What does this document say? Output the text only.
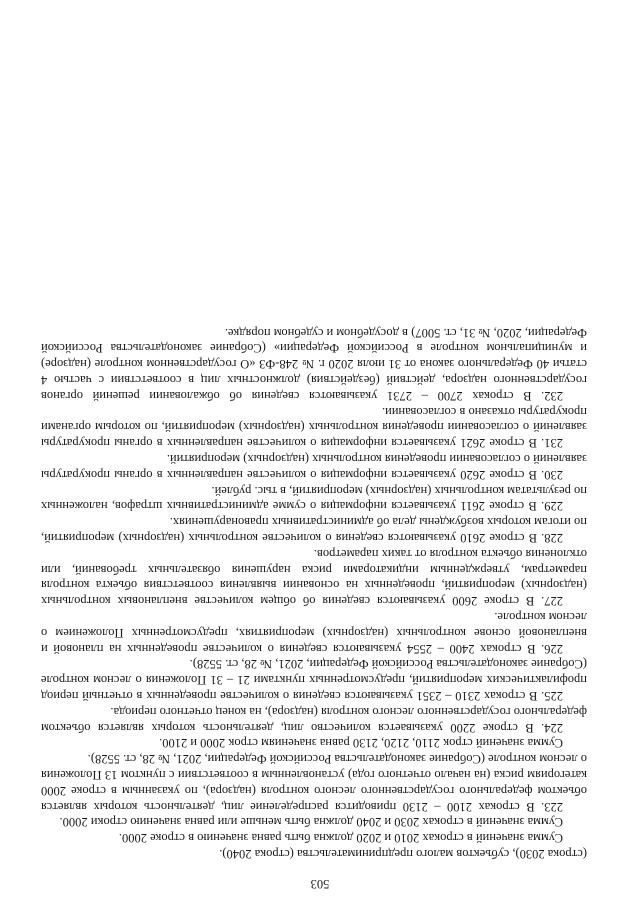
503

(строка 2030), субъектов малого предпринимательства (строка 2040).

Сумма значений в строках 2010 и 2020 должна быть равна значению в строке 2000.

Сумма значений в строках 2030 и 2040 должна быть меньше или равна значению строки 2000.

223. В строках 2100 – 2130 приводится распределение лиц, деятельность которых является объектом федерального государственного лесного контроля (надзора), по указанным в строке 2000 категориям риска (на начало отчетного года) установленным в соответствии с пунктом 13 Положения о лесном контроле (Собрание законодательства Российской Федерации, 2021, № 28, ст. 5528).

Сумма значений строк 2110, 2120, 2130 равна значениям строк 2000 и 2100.

224. В строке 2200 указывается количество лиц, деятельность которых является объектом федерального государственного лесного контроля (надзора), на конец отчетного периода.

225. В строках 2310 – 2351 указываются сведения о количестве проведенных в отчетный период профилактических мероприятий, предусмотренных пунктами 21 – 31 Положения о лесном контроле (Собрание законодательства Российской Федерации, 2021, № 28, ст. 5528).

226. В строках 2400 – 2554 указываются сведения о количестве проведенных на плановой и внеплановой основе контрольных (надзорных) мероприятиях, предусмотренных Положением о лесном контроле.

227. В строке 2600 указываются сведения об общем количестве внеплановых контрольных (надзорных) мероприятий, проведенных на основании выявления соответствия объекта контроля параметрам, утвержденным индикаторами риска нарушения обязательных требований, или отклонения объекта контроля от таких параметров.

228. В строке 2610 указываются сведения о количестве контрольных (надзорных) мероприятий, по итогам которых возбуждены дела об административных правонарушениях.

229. В строке 2611 указывается информация о сумме административных штрафов, наложенных по результатам контрольных (надзорных) мероприятий, в тыс. рублей.

230. В строке 2620 указывается информация о количестве направленных в органы прокуратуры заявлений о согласовании проведения контрольных (надзорных) мероприятий.

231. В строке 2621 указывается информация о количестве направленных в органы прокуратуры заявлений о согласовании проведения контрольных (надзорных) мероприятий, по которым органами прокуратуры отказано в согласовании.

232. В строках 2700 – 2731 указываются сведения об обжаловании решений органов государственного надзора, действий (бездействия) должностных лиц в соответствии с частью 4 статьи 40 Федерального закона от 31 июля 2020 г. № 248-ФЗ «О государственном контроле (надзоре) и муниципальном контроле в Российской Федерации» (Собрание законодательства Российской Федерации, 2020, № 31, ст. 5007) в досудебном и судебном порядке.
